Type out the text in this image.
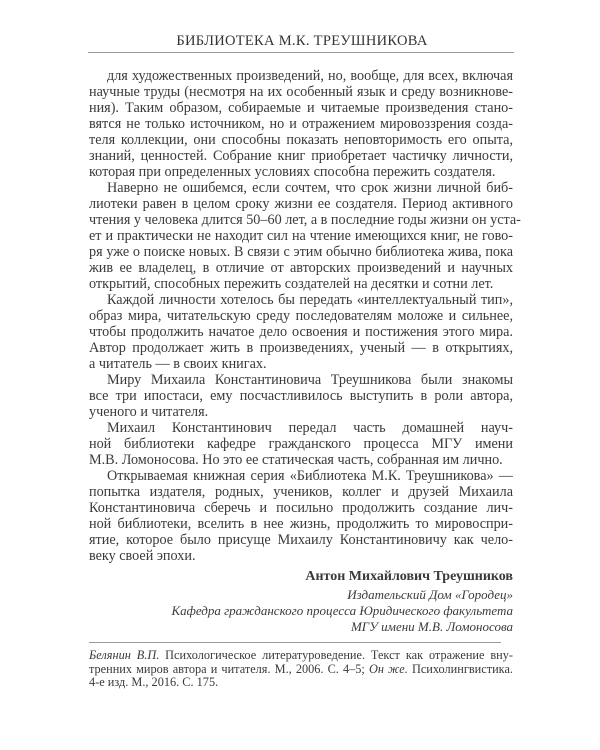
БИБЛИОТЕКА М.К. ТРЕУШНИКОВА
для художественных произведений, но, вообще, для всех, включая
научные труды (несмотря на их особенный язык и среду возникнове-
ния). Таким образом, собираемые и читаемые произведения стано-
вятся не только источником, но и отражением мировоззрения созда-
теля коллекции, они способны показать неповторимость его опыта,
знаний, ценностей. Собрание книг приобретает частичку личности,
которая при определенных условиях способна пережить создателя.
Наверно не ошибемся, если сочтем, что срок жизни личной биб-
лиотеки равен в целом сроку жизни ее создателя. Период активного
чтения у человека длится 50–60 лет, а в последние годы жизни он уста-
ет и практически не находит сил на чтение имеющихся книг, не гово-
ря уже о поиске новых. В связи с этим обычно библиотека жива, пока
жив ее владелец, в отличие от авторских произведений и научных
открытий, способных пережить создателей на десятки и сотни лет.
Каждой личности хотелось бы передать «интеллектуальный тип»,
образ мира, читательскую среду последователям моложе и сильнее,
чтобы продолжить начатое дело освоения и постижения этого мира.
Автор продолжает жить в произведениях, ученый — в открытиях,
а читатель — в своих книгах.
Миру Михаила Константиновича Треушникова были знакомы
все три ипостаси, ему посчастливилось выступить в роли автора,
ученого и читателя.
Михаил Константинович передал часть домашней науч-
ной библиотеки кафедре гражданского процесса МГУ имени
М.В. Ломоносова. Но это ее статическая часть, собранная им лично.
Открываемая книжная серия «Библиотека М.К. Треушникова» —
попытка издателя, родных, учеников, коллег и друзей Михаила
Константиновича сберечь и посильно продолжить создание лич-
ной библиотеки, вселить в нее жизнь, продолжить то мировоспри-
ятие, которое было присуще Михаилу Константиновичу как чело-
веку своей эпохи.
Антон Михайлович Треушников
Издательский Дом «Городец»
Кафедра гражданского процесса Юридического факультета
МГУ имени М.В. Ломоносова
Белянин В.П. Психологическое литературоведение. Текст как отражение вну-
тренних миров автора и читателя. М., 2006. С. 4–5; Он же. Психолингвистика.
4-е изд. М., 2016. С. 175.
